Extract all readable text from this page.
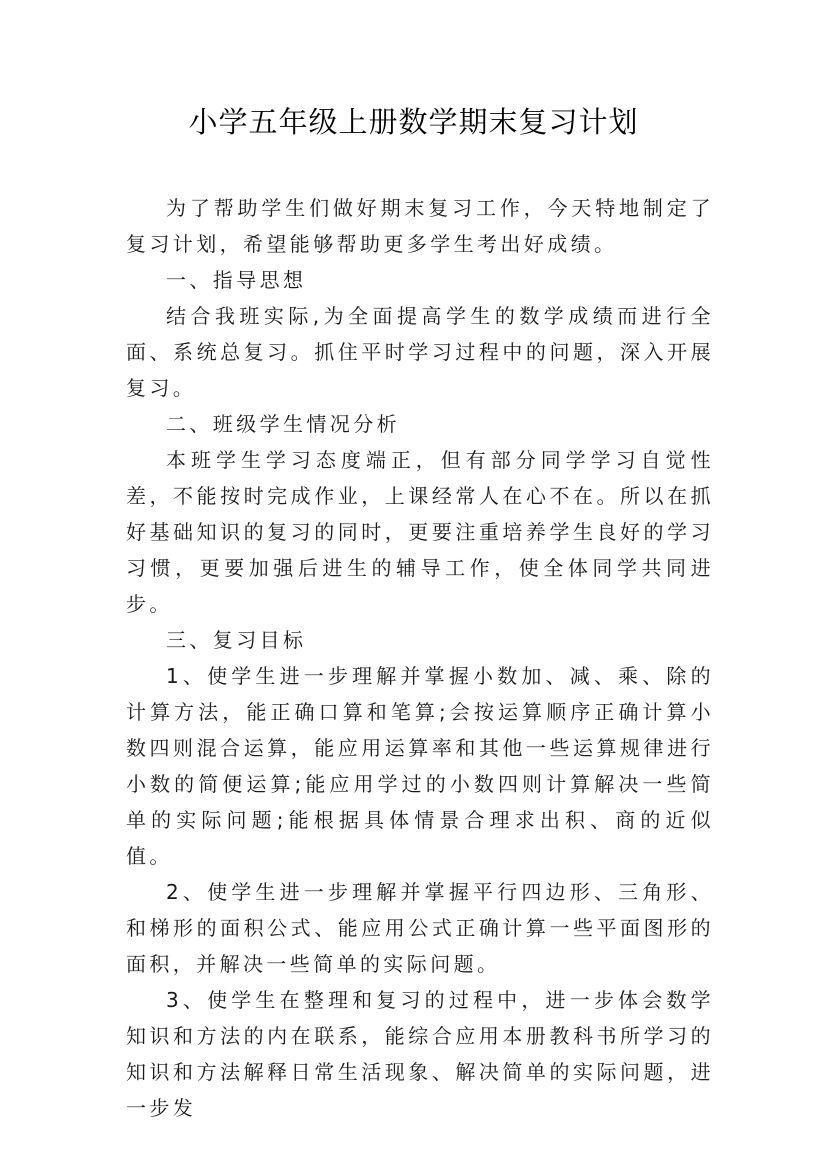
小学五年级上册数学期末复习计划

为了帮助学生们做好期末复习工作，今天特地制定了复习计划，希望能够帮助更多学生考出好成绩。

一、指导思想

结合我班实际,为全面提高学生的数学成绩而进行全面、系统总复习。抓住平时学习过程中的问题，深入开展复习。

二、班级学生情况分析

本班学生学习态度端正，但有部分同学学习自觉性差，不能按时完成作业，上课经常人在心不在。所以在抓好基础知识的复习的同时，更要注重培养学生良好的学习习惯，更要加强后进生的辅导工作，使全体同学共同进步。

三、复习目标

1、使学生进一步理解并掌握小数加、减、乘、除的计算方法，能正确口算和笔算;会按运算顺序正确计算小数四则混合运算，能应用运算率和其他一些运算规律进行小数的简便运算;能应用学过的小数四则计算解决一些简单的实际问题;能根据具体情景合理求出积、商的近似值。

2、使学生进一步理解并掌握平行四边形、三角形、和梯形的面积公式、能应用公式正确计算一些平面图形的面积，并解决一些简单的实际问题。

3、使学生在整理和复习的过程中，进一步体会数学知识和方法的内在联系，能综合应用本册教科书所学习的知识和方法解释日常生活现象、解决简单的实际问题，进一步发
